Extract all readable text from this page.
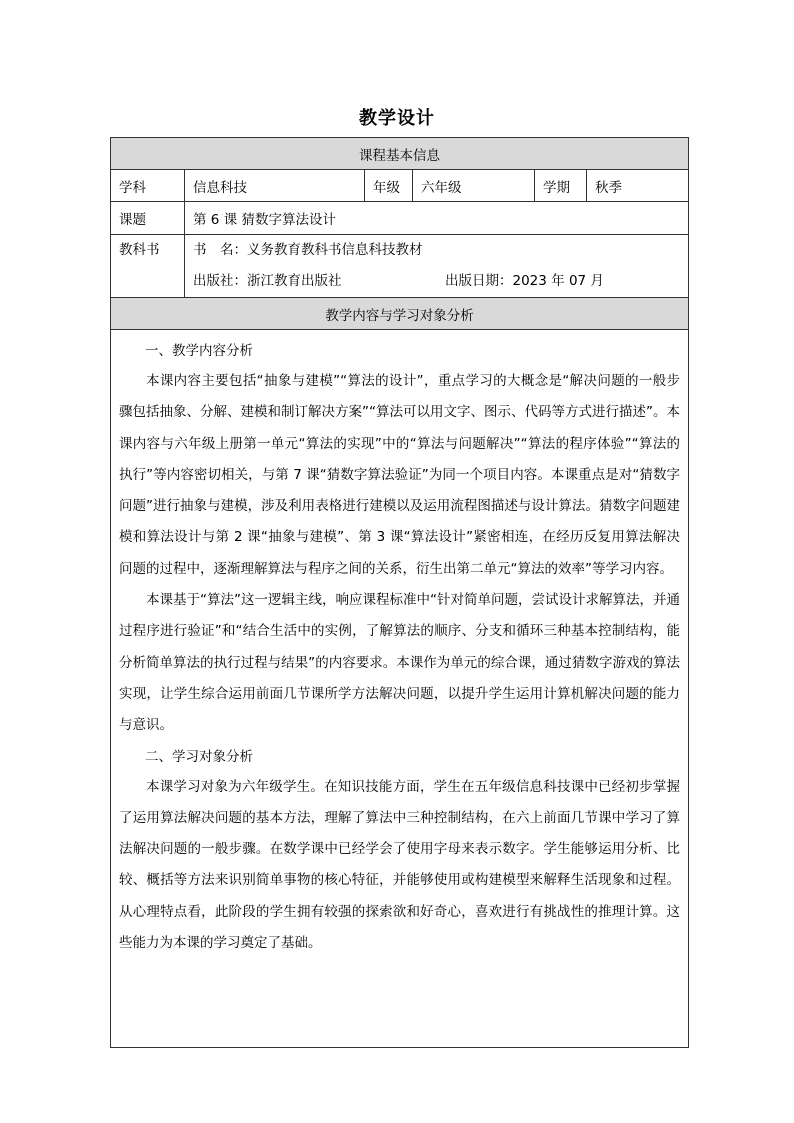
教学设计
课程基本信息					
学科	信息科技	年级	六年级	学期	秋季
课题	第 6 课 猜数字算法设计				

教科书	书　名：义务教育教科书信息科技教材
出版社：浙江教育出版社 出版日期：2023 年 07 月				

教学内容与学习对象分析					

一、教学内容分析

本课内容主要包括“抽象与建模”“算法的设计”，重点学习的大概念是“解决问题的一般步骤包括抽象、分解、建模和制订解决方案”“算法可以用文字、图示、代码等方式进行描述”。本课内容与六年级上册第一单元“算法的实现”中的“算法与问题解决”“算法的程序体验”“算法的执行”等内容密切相关，与第 7 课“猜数字算法验证”为同一个项目内容。本课重点是对“猜数字问题”进行抽象与建模，涉及利用表格进行建模以及运用流程图描述与设计算法。猜数字问题建模和算法设计与第 2 课“抽象与建模”、第 3 课“算法设计”紧密相连，在经历反复用算法解决问题的过程中，逐渐理解算法与程序之间的关系，衍生出第二单元“算法的效率”等学习内容。

本课基于“算法”这一逻辑主线，响应课程标准中“针对简单问题，尝试设计求解算法，并通过程序进行验证”和“结合生活中的实例，了解算法的顺序、分支和循环三种基本控制结构，能分析简单算法的执行过程与结果”的内容要求。本课作为单元的综合课，通过猜数字游戏的算法实现，让学生综合运用前面几节课所学方法解决问题，以提升学生运用计算机解决问题的能力与意识。

二、学习对象分析

本课学习对象为六年级学生。在知识技能方面，学生在五年级信息科技课中已经初步掌握了运用算法解决问题的基本方法，理解了算法中三种控制结构，在六上前面几节课中学习了算法解决问题的一般步骤。在数学课中已经学会了使用字母来表示数字。学生能够运用分析、比较、概括等方法来识别简单事物的核心特征，并能够使用或构建模型来解释生活现象和过程。从心理特点看，此阶段的学生拥有较强的探索欲和好奇心，喜欢进行有挑战性的推理计算。这些能力为本课的学习奠定了基础。					
